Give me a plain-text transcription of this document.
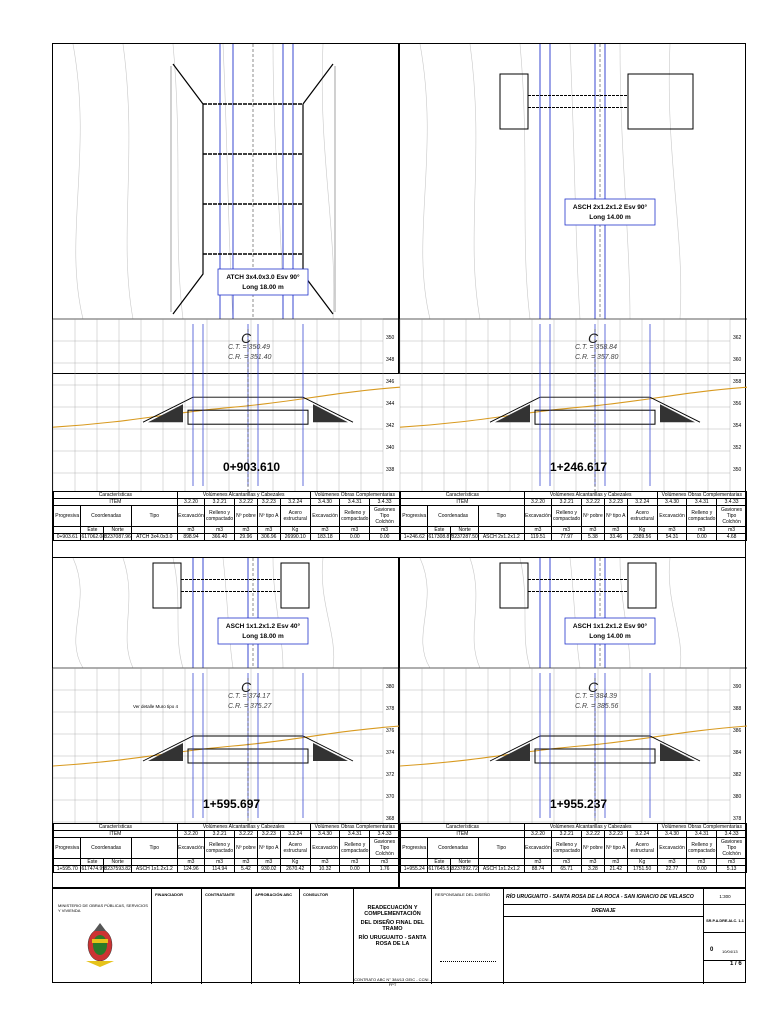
ATCH 3x4.0x3.0 Esv 90°
Long 18.00 m
350
348
346
344
342
340
338
C
C.T. = 350.49
C.R. = 351.40
0+903.610
Características				Volúmenes Alcantarillas y Cabezales					Volúmenes Obras Complementarias		
ITEM				3.2.20	3.2.21	3.2.22	3.2.23	3.2.24	3.4.30	3.4.31	3.4.33
Progresiva	Coordenadas		Tipo	Excavación	Relleno y compactado	Nº pobre	Nº tipo A	Acero estructural	Excavación	Relleno y compactado	Gaviones Tipo Colchón
	Este	Norte		m3	m3	m3	m3	Kg	m3	m3	m3
0+903.61	617062.08	8237087.96	ATCH 3x4.0x3.0	898.94	366.40	29.96	306.96	26990.10	183.18	0.00	0.00
ASCH 2x1.2x1.2 Esv 90°
Long 14.00 m
362
360
358
356
354
352
350
C
C.T. = 358.84
C.R. = 357.80
1+246.617
Características				Volúmenes Alcantarillas y Cabezales					Volúmenes Obras Complementarias		
ITEM				3.2.20	3.2.21	3.2.22	3.2.23	3.2.24	3.4.30	3.4.31	3.4.33
Progresiva	Coordenadas		Tipo	Excavación	Relleno y compactado	Nº pobre	Nº tipo A	Acero estructural	Excavación	Relleno y compactado	Gaviones Tipo Colchón
	Este	Norte		m3	m3	m3	m3	Kg	m3	m3	m3
1+246.62	617308.87	8237287.50	ASCH 2x1.2x1.2	119.51	77.97	5.38	33.46	2389.56	54.31	0.00	4.68
ASCH 1x1.2x1.2 Esv 40°
Long 18.00 m
380
378
376
374
372
370
368
C
C.T. = 374.17
C.R. = 375.27
1+595.697
Ver detalle Muro tipo 4
Características				Volúmenes Alcantarillas y Cabezales					Volúmenes Obras Complementarias		
ITEM				3.2.20	3.2.21	3.2.22	3.2.23	3.2.24	3.4.30	3.4.31	3.4.33
Progresiva	Coordenadas		Tipo	Excavación	Relleno y compactado	Nº pobre	Nº tipo A	Acero estructural	Excavación	Relleno y compactado	Gaviones Tipo Colchón
	Este	Norte		m3	m3	m3	m3	Kg	m3	m3	m3
1+595.70	617474.99	8237593.82	ASCH 1x1.2x1.2	124.96	114.94	5.42	930.02	2670.42	10.32	0.00	1.76
ASCH 1x1.2x1.2 Esv 90°
Long 14.00 m
390
388
386
384
382
380
378
C
C.T. = 384.39
C.R. = 385.56
1+955.237
Características				Volúmenes Alcantarillas y Cabezales					Volúmenes Obras Complementarias		
ITEM				3.2.20	3.2.21	3.2.22	3.2.23	3.2.24	3.4.30	3.4.31	3.4.33
Progresiva	Coordenadas		Tipo	Excavación	Relleno y compactado	Nº pobre	Nº tipo A	Acero estructural	Excavación	Relleno y compactado	Gaviones Tipo Colchón
	Este	Norte		m3	m3	m3	m3	Kg	m3	m3	m3
1+955.24	617645.51	8237892.72	ASCH 1x1.2x1.2	88.74	65.71	3.28	21.42	1751.50	22.77	0.00	5.13
MINISTERIO DE OBRAS PÚBLICAS, SERVICIOS Y VIVIENDA
FINANCIADOR	CONTRATANTE	APROBACIÓN ABC	CONSULTOR
READECUACIÓN Y COMPLEMENTACIÓN
DEL DISEÑO FINAL DEL TRAMO
RÍO URUGUAITO - SANTA ROSA DE LA
CONTRATO ABC N° 384/13 GEIC - CCNI - FPT
RESPONSABLE DEL DISEÑO	RÍO URUGUAITO - SANTA ROSA DE LA ROCA - SAN IGNACIO DE VELASCO	1:300
DRENAJE
SR.P.A.DRE.ALC. 1-1
0 10/04/13
1 / 6
